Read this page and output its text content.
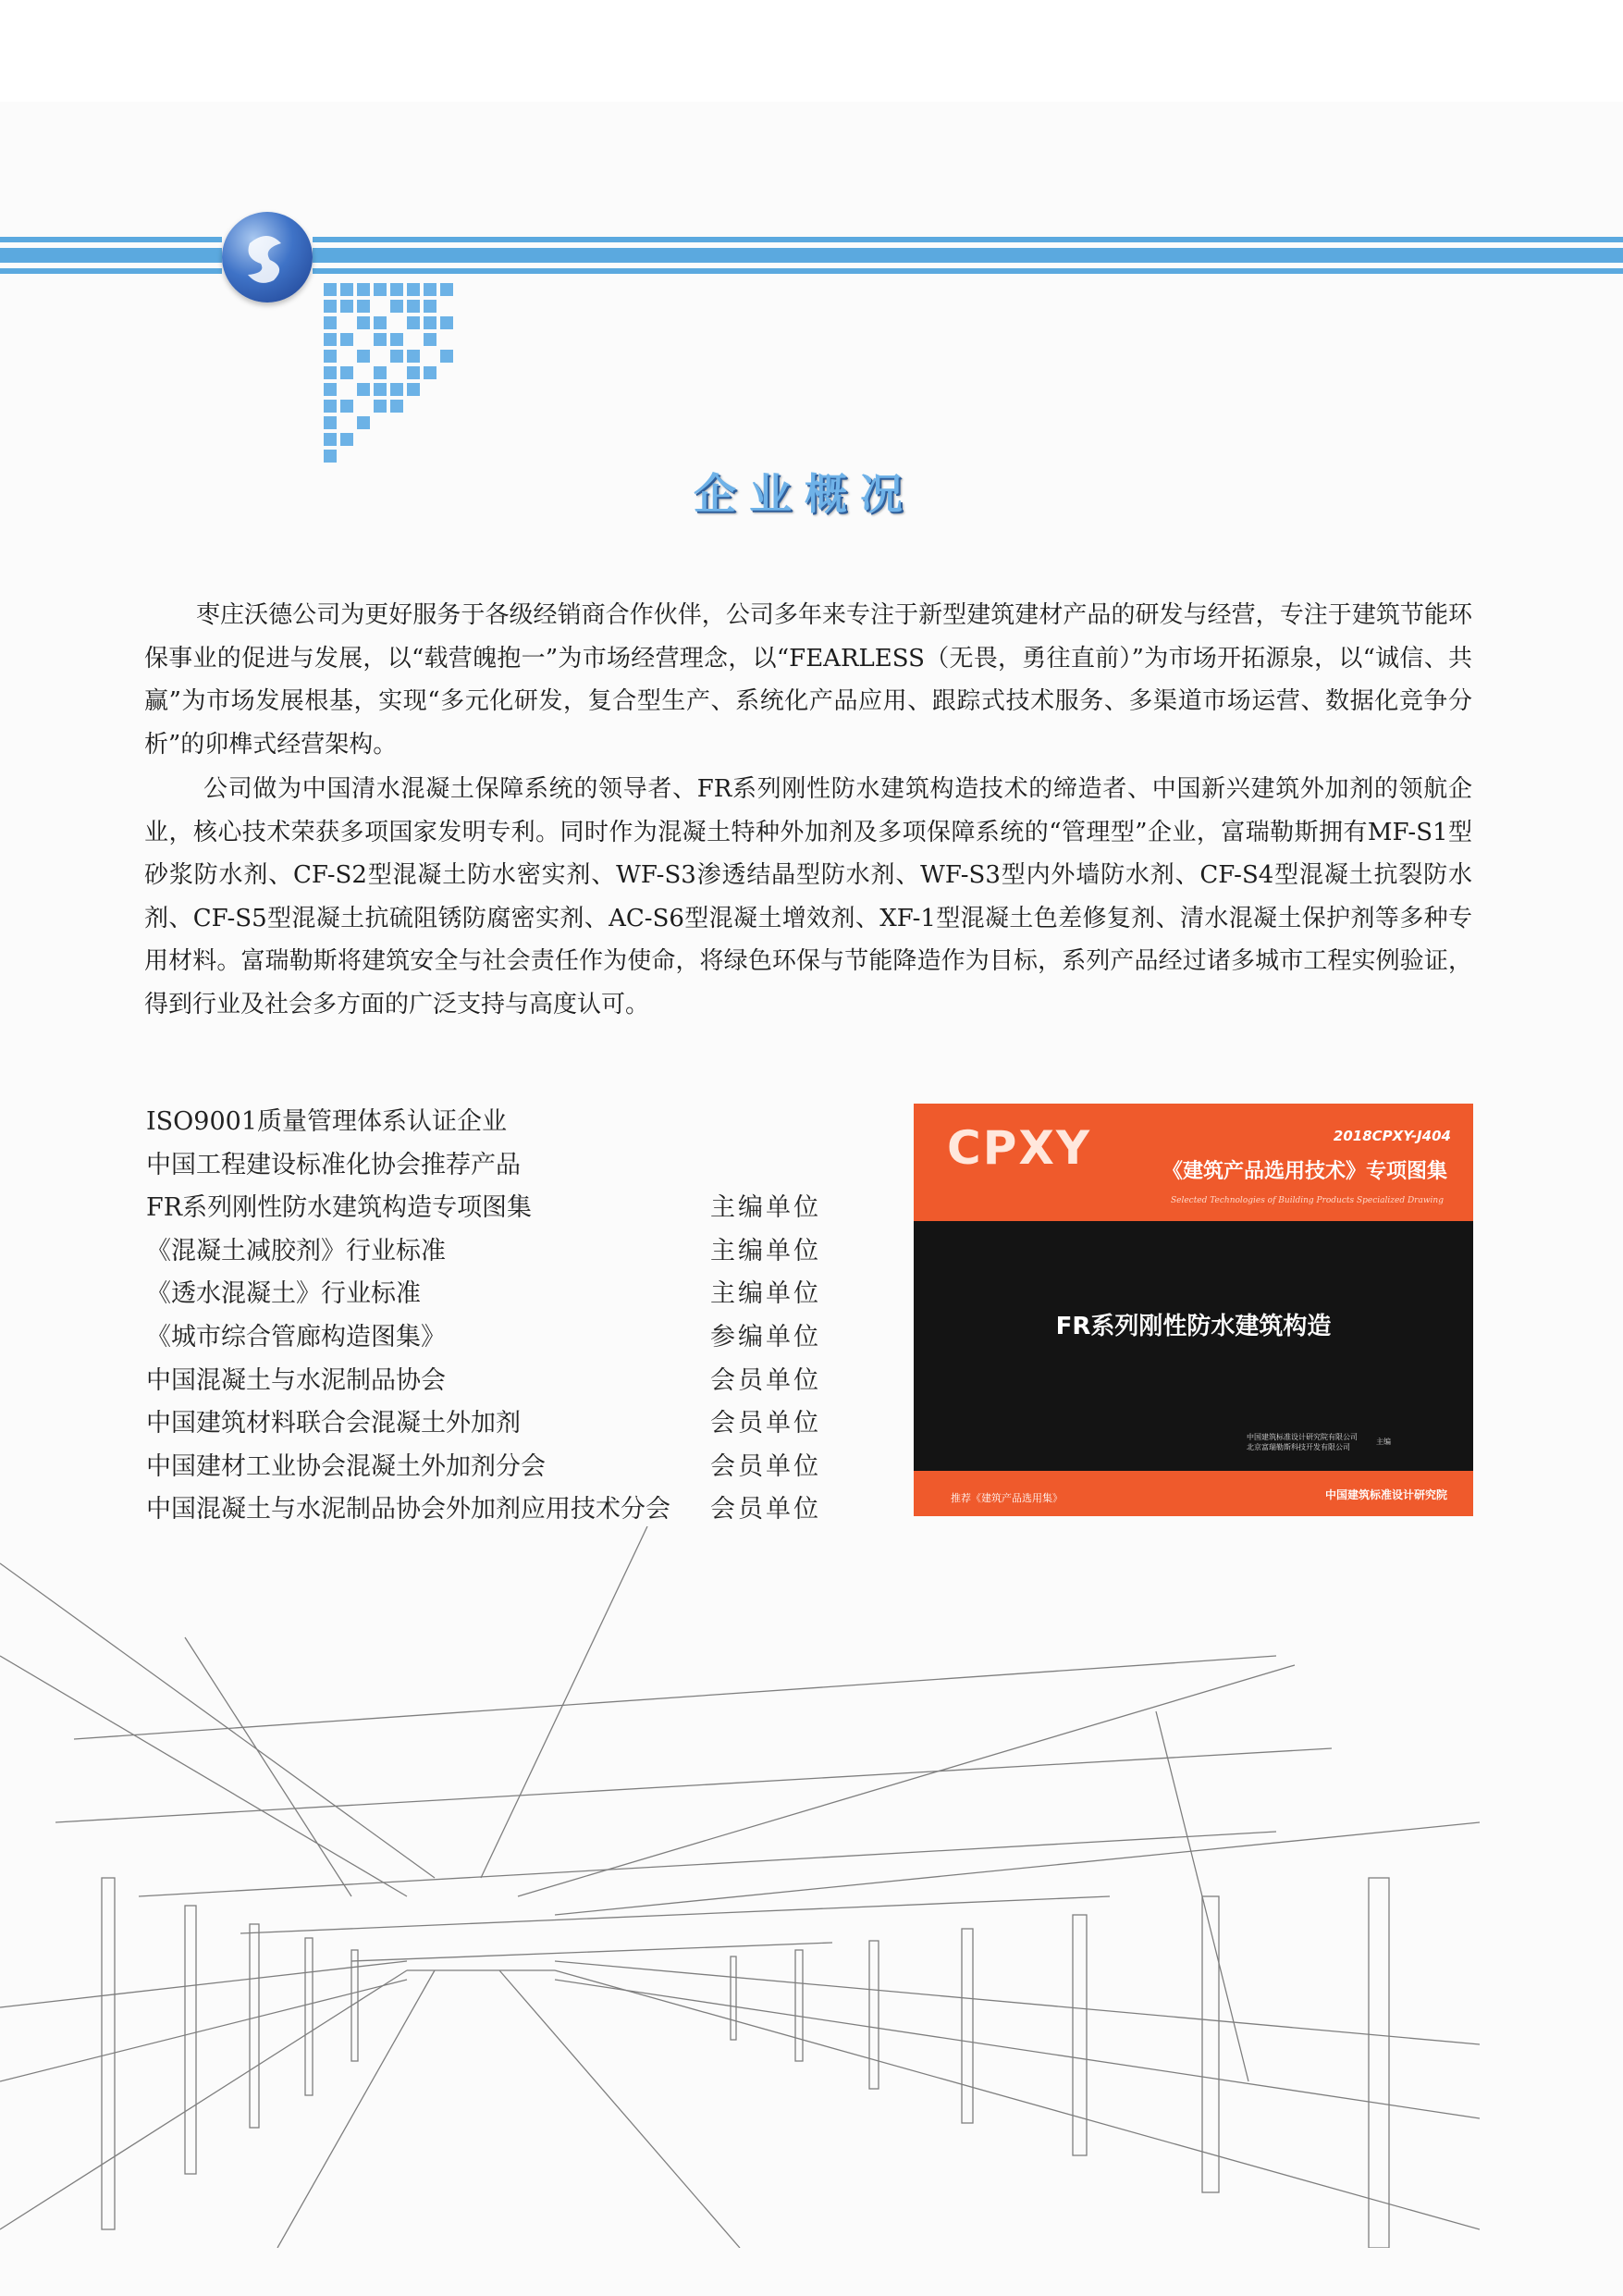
企业概况

枣庄沃德公司为更好服务于各级经销商合作伙伴，公司多年来专注于新型建筑建材产品的研发与经营，专注于建筑节能环保事业的促进与发展，以“载营魄抱一”为市场经营理念，以“FEARLESS（无畏，勇往直前）”为市场开拓源泉，以“诚信、共赢”为市场发展根基，实现“多元化研发，复合型生产、系统化产品应用、跟踪式技术服务、多渠道市场运营、数据化竞争分析”的卯榫式经营架构。

公司做为中国清水混凝土保障系统的领导者、FR系列刚性防水建筑构造技术的缔造者、中国新兴建筑外加剂的领航企业，核心技术荣获多项国家发明专利。同时作为混凝土特种外加剂及多项保障系统的“管理型”企业，富瑞勒斯拥有MF-S1型砂浆防水剂、CF-S2型混凝土防水密实剂、WF-S3渗透结晶型防水剂、WF-S3型内外墙防水剂、CF-S4型混凝土抗裂防水剂、CF-S5型混凝土抗硫阻锈防腐密实剂、AC-S6型混凝土增效剂、XF-1型混凝土色差修复剂、清水混凝土保护剂等多种专用材料。富瑞勒斯将建筑安全与社会责任作为使命，将绿色环保与节能降造作为目标，系列产品经过诸多城市工程实例验证，得到行业及社会多方面的广泛支持与高度认可。

ISO9001质量管理体系认证企业
中国工程建设标准化协会推荐产品
FR系列刚性防水建筑构造专项图集	主编单位
《混凝土减胶剂》行业标准	主编单位
《透水混凝土》行业标准	主编单位
《城市综合管廊构造图集》	参编单位
中国混凝土与水泥制品协会	会员单位
中国建筑材料联合会混凝土外加剂	会员单位
中国建材工业协会混凝土外加剂分会	会员单位
中国混凝土与水泥制品协会外加剂应用技术分会 会员单位
CPXY	2018CPXY-J404
《建筑产品选用技术》专项图集
Selected Technologies of Building Products Specialized Drawing
FR系列刚性防水建筑构造
中国建筑标准设计研究院有限公司
北京富瑞勒斯科技开发有限公司
主编
推荐《建筑产品选用集》	中国建筑标准设计研究院
